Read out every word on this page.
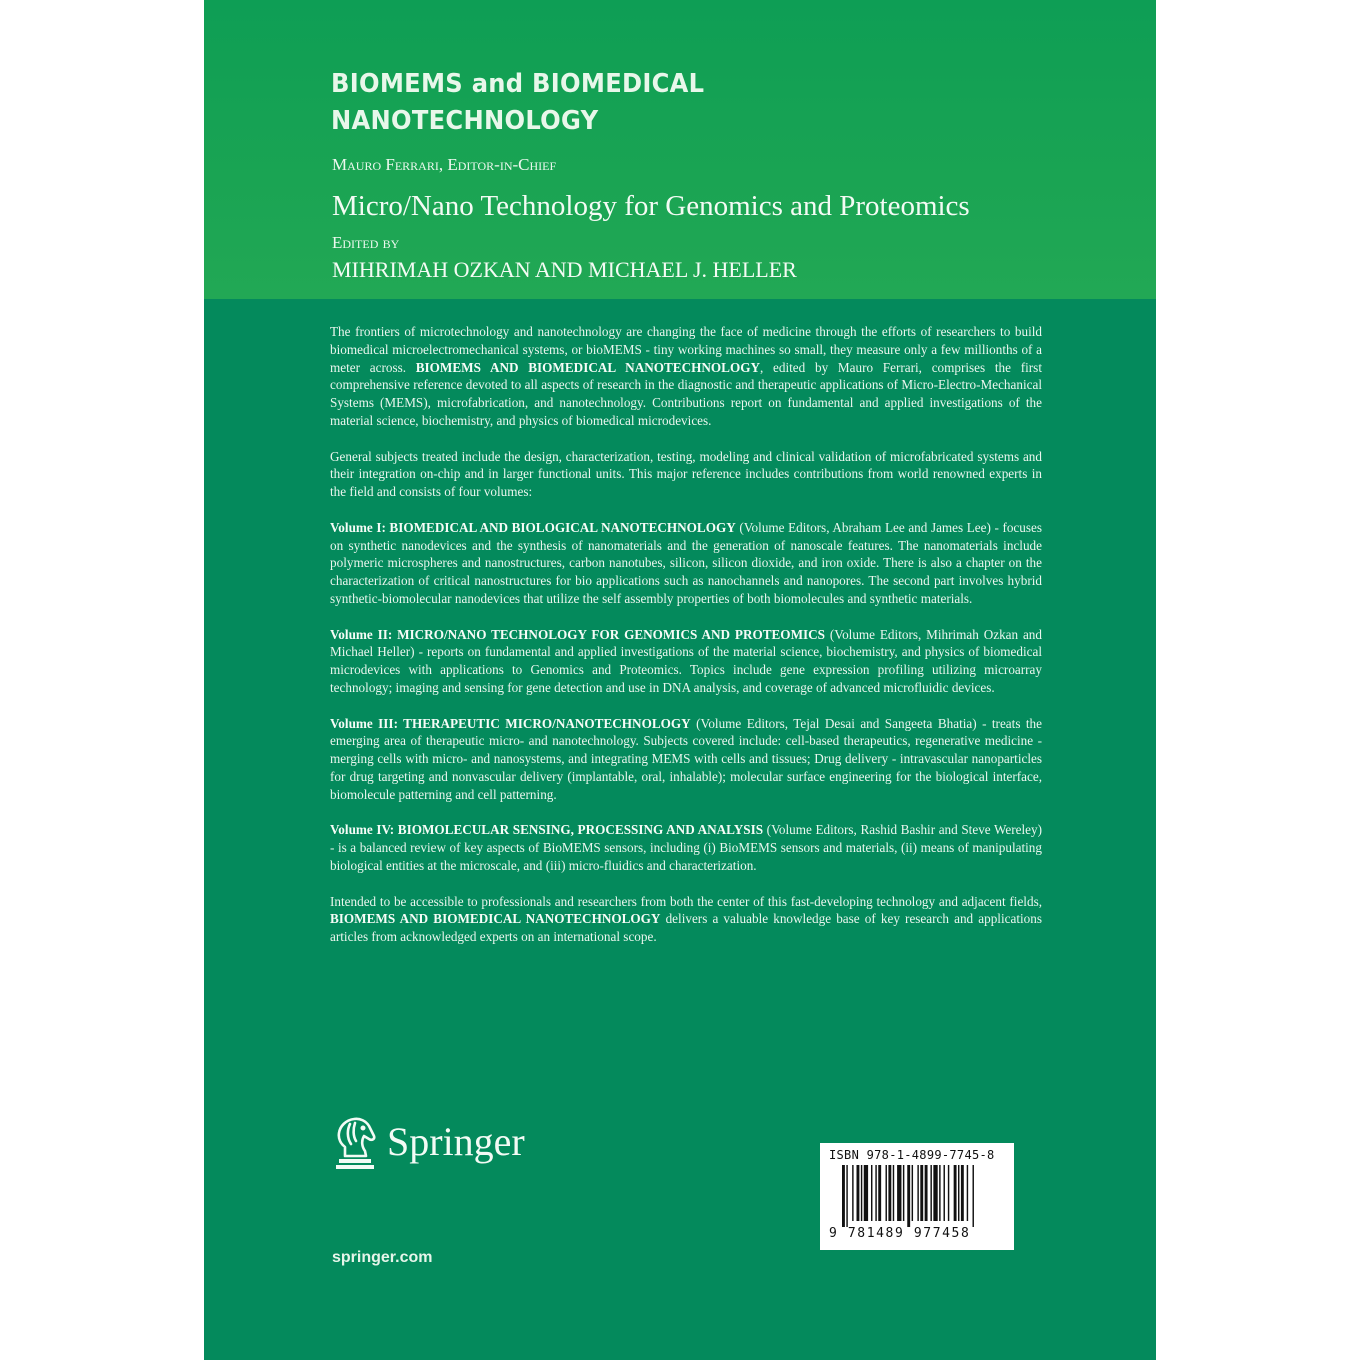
BIOMEMS and BIOMEDICAL
NANOTECHNOLOGY
Mauro Ferrari, Editor-in-Chief
Micro/Nano Technology for Genomics and Proteomics
Edited by
MIHRIMAH OZKAN AND MICHAEL J. HELLER

The frontiers of microtechnology and nanotechnology are changing the face of medicine through the efforts of researchers to build biomedical microelectromechanical systems, or bioMEMS - tiny working machines so small, they measure only a few millionths of a meter across. BIOMEMS AND BIOMEDICAL NANOTECHNOLOGY, edited by Mauro Ferrari, comprises the first comprehensive reference devoted to all aspects of research in the diagnostic and therapeutic applications of Micro-Electro-Mechanical Systems (MEMS), microfabrication, and nanotechnology. Contributions report on fundamental and applied investigations of the material science, biochemistry, and physics of biomedical microdevices.

General subjects treated include the design, characterization, testing, modeling and clinical validation of microfabricated systems and their integration on-chip and in larger functional units. This major reference includes contributions from world renowned experts in the field and consists of four volumes:

Volume I: BIOMEDICAL AND BIOLOGICAL NANOTECHNOLOGY (Volume Editors, Abraham Lee and James Lee) - focuses on synthetic nanodevices and the synthesis of nanomaterials and the generation of nanoscale features. The nanomaterials include polymeric microspheres and nanostructures, carbon nanotubes, silicon, silicon dioxide, and iron oxide. There is also a chapter on the characterization of critical nanostructures for bio applications such as nanochannels and nanopores. The second part involves hybrid synthetic-biomolecular nanodevices that utilize the self assembly properties of both biomolecules and synthetic materials.

Volume II: MICRO/NANO TECHNOLOGY FOR GENOMICS AND PROTEOMICS (Volume Editors, Mihrimah Ozkan and Michael Heller) - reports on fundamental and applied investigations of the material science, biochemistry, and physics of biomedical microdevices with applications to Genomics and Proteomics. Topics include gene expression profiling utilizing microarray technology; imaging and sensing for gene detection and use in DNA analysis, and coverage of advanced microfluidic devices.

Volume III: THERAPEUTIC MICRO/NANOTECHNOLOGY (Volume Editors, Tejal Desai and Sangeeta Bhatia) - treats the emerging area of therapeutic micro- and nanotechnology. Subjects covered include: cell-based therapeutics, regenerative medicine - merging cells with micro- and nanosystems, and integrating MEMS with cells and tissues; Drug delivery - intravascular nanoparticles for drug targeting and nonvascular delivery (implantable, oral, inhalable); molecular surface engineering for the biological interface, biomolecule patterning and cell patterning.

Volume IV: BIOMOLECULAR SENSING, PROCESSING AND ANALYSIS (Volume Editors, Rashid Bashir and Steve Wereley) - is a balanced review of key aspects of BioMEMS sensors, including (i) BioMEMS sensors and materials, (ii) means of manipulating biological entities at the microscale, and (iii) micro-fluidics and characterization.

Intended to be accessible to professionals and researchers from both the center of this fast-developing technology and adjacent fields, BIOMEMS AND BIOMEDICAL NANOTECHNOLOGY delivers a valuable knowledge base of key research and applications articles from acknowledged experts on an international scope.

Springer
springer.com
ISBN 978-1-4899-7745-8
9 781489 977458
